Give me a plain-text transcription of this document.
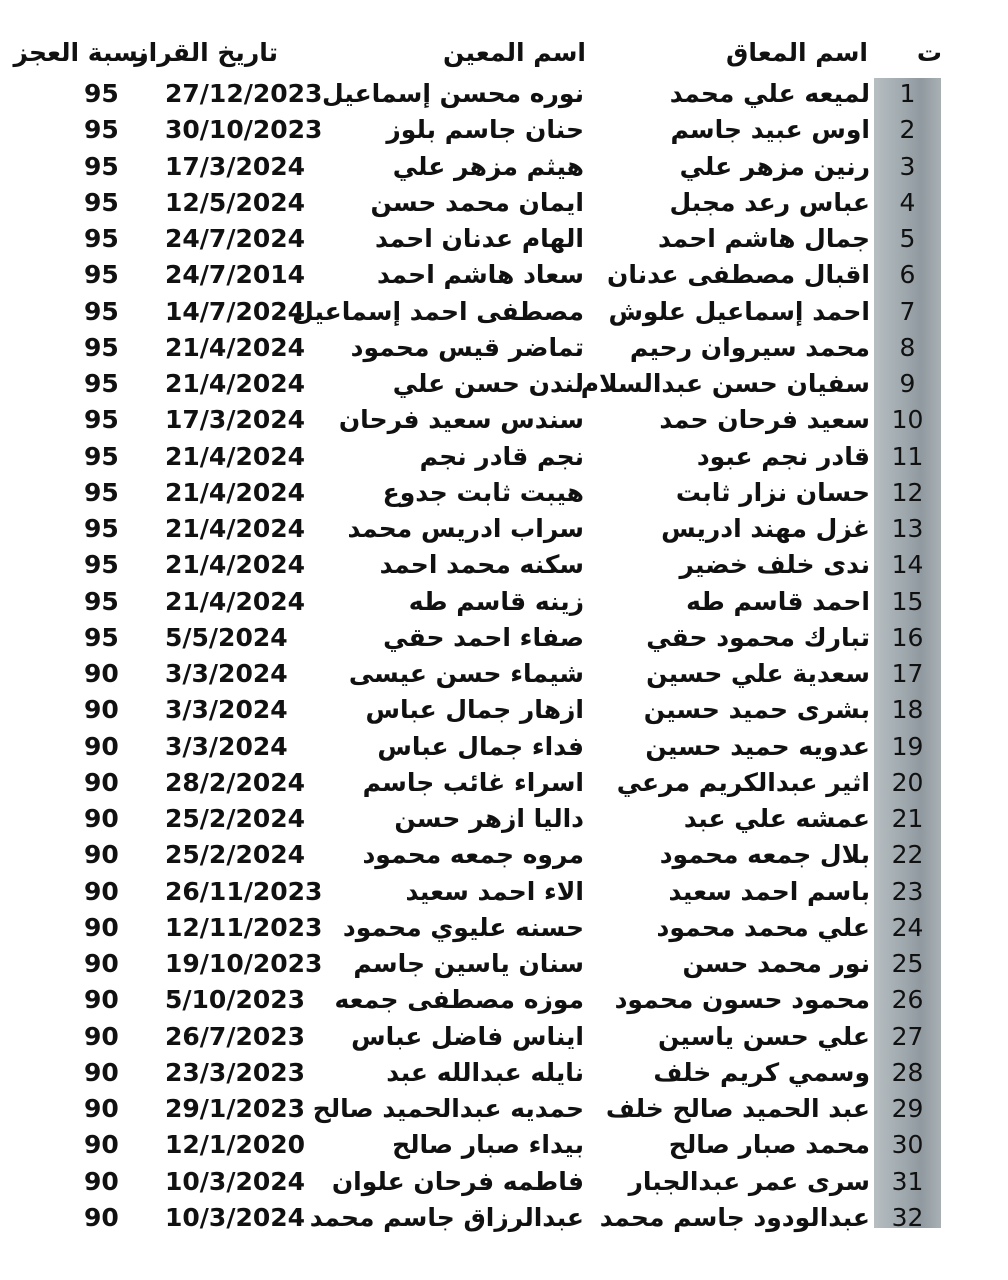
ت
اسم المعاق
اسم المعين
تاريخ القرار
نسبة العجز
1
لميعه علي محمد
نوره محسن إسماعيل
27/12/2023
95
2
اوس عبيد جاسم
حنان جاسم بلوز
30/10/2023
95
3
رنين مزهر علي
هيثم مزهر علي
17/3/2024
95
4
عباس رعد مجبل
ايمان محمد حسن
12/5/2024
95
5
جمال هاشم احمد
الهام عدنان احمد
24/7/2024
95
6
اقبال مصطفى عدنان
سعاد هاشم احمد
24/7/2014
95
7
احمد إسماعيل علوش
مصطفى احمد إسماعيل
14/7/2024
95
8
محمد سيروان رحيم
تماضر قيس محمود
21/4/2024
95
9
سفيان حسن عبدالسلام
لندن حسن علي
21/4/2024
95
10
سعيد فرحان حمد
سندس سعيد فرحان
17/3/2024
95
11
قادر نجم عبود
نجم قادر نجم
21/4/2024
95
12
حسان نزار ثابت
هيبت ثابت جدوع
21/4/2024
95
13
غزل مهند ادريس
سراب ادريس محمد
21/4/2024
95
14
ندى خلف خضير
سكنه محمد احمد
21/4/2024
95
15
احمد قاسم طه
زينه قاسم طه
21/4/2024
95
16
تبارك محمود حقي
صفاء احمد حقي
5/5/2024
95
17
سعدية علي حسين
شيماء حسن عيسى
3/3/2024
90
18
بشرى حميد حسين
ازهار جمال عباس
3/3/2024
90
19
عدويه حميد حسين
فداء جمال عباس
3/3/2024
90
20
اثير عبدالكريم مرعي
اسراء غائب جاسم
28/2/2024
90
21
عمشه علي عبد
داليا ازهر حسن
25/2/2024
90
22
بلال جمعه محمود
مروه جمعه محمود
25/2/2024
90
23
باسم احمد سعيد
الاء احمد سعيد
26/11/2023
90
24
علي محمد محمود
حسنه عليوي محمود
12/11/2023
90
25
نور محمد حسن
سنان ياسين جاسم
19/10/2023
90
26
محمود حسون محمود
موزه مصطفى جمعه
5/10/2023
90
27
علي حسن ياسين
ايناس فاضل عباس
26/7/2023
90
28
وسمي كريم خلف
نايله عبدالله عبد
23/3/2023
90
29
عبد الحميد صالح خلف
حمديه عبدالحميد صالح
29/1/2023
90
30
محمد صبار صالح
بيداء صبار صالح
12/1/2020
90
31
سرى عمر عبدالجبار
فاطمه فرحان علوان
10/3/2024
90
32
عبدالودود جاسم محمد
عبدالرزاق جاسم محمد
10/3/2024
90
